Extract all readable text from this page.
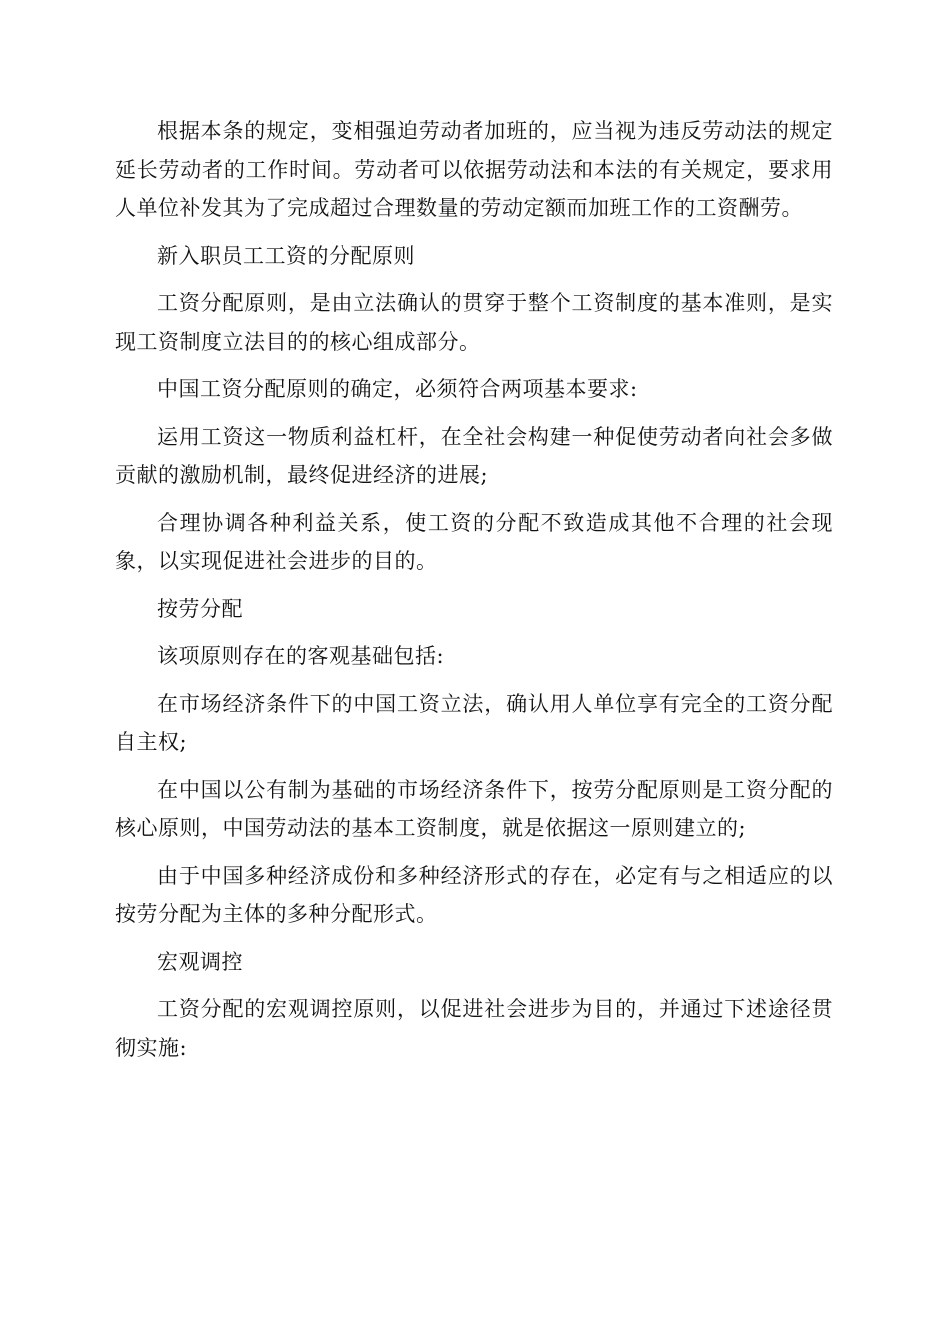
根据本条的规定，变相强迫劳动者加班的，应当视为违反劳动法的规定延长劳动者的工作时间。劳动者可以依据劳动法和本法的有关规定，要求用人单位补发其为了完成超过合理数量的劳动定额而加班工作的工资酬劳。

新入职员工工资的分配原则

工资分配原则，是由立法确认的贯穿于整个工资制度的基本准则，是实现工资制度立法目的的核心组成部分。

中国工资分配原则的确定，必须符合两项基本要求:

运用工资这一物质利益杠杆，在全社会构建一种促使劳动者向社会多做贡献的激励机制，最终促进经济的进展;

合理协调各种利益关系，使工资的分配不致造成其他不合理的社会现象，以实现促进社会进步的目的。

按劳分配

该项原则存在的客观基础包括:

在市场经济条件下的中国工资立法，确认用人单位享有完全的工资分配自主权;

在中国以公有制为基础的市场经济条件下，按劳分配原则是工资分配的核心原则，中国劳动法的基本工资制度，就是依据这一原则建立的;

由于中国多种经济成份和多种经济形式的存在，必定有与之相适应的以按劳分配为主体的多种分配形式。

宏观调控

工资分配的宏观调控原则，以促进社会进步为目的，并通过下述途径贯彻实施:
